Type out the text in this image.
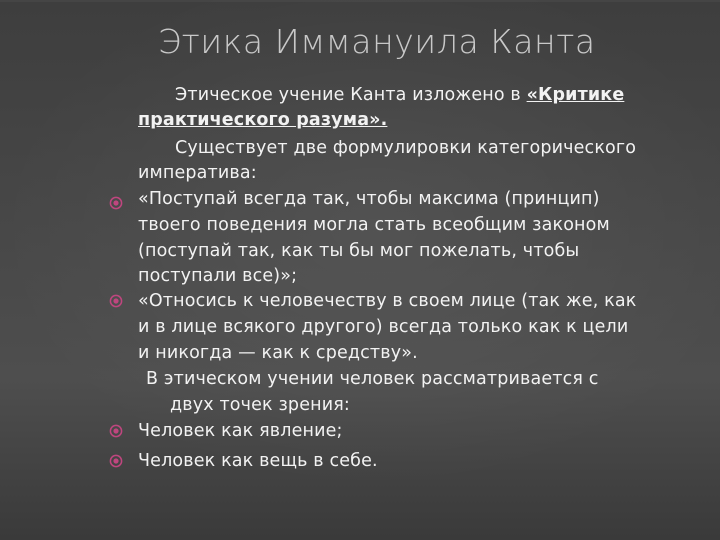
Этика Иммануила Канта
Этическое учение Канта изложено в «Критике
практического разума».
Существует две формулировки категорического
императива:
«Поступай всегда так, чтобы максима (принцип)
твоего поведения могла стать всеобщим законом
(поступай так, как ты бы мог пожелать, чтобы
поступали все)»;
«Относись к человечеству в своем лице (так же, как
и в лице всякого другого) всегда только как к цели
и никогда — как к средству».
В этическом учении человек рассматривается с
двух точек зрения:
Человек как явление;
Человек как вещь в себе.
